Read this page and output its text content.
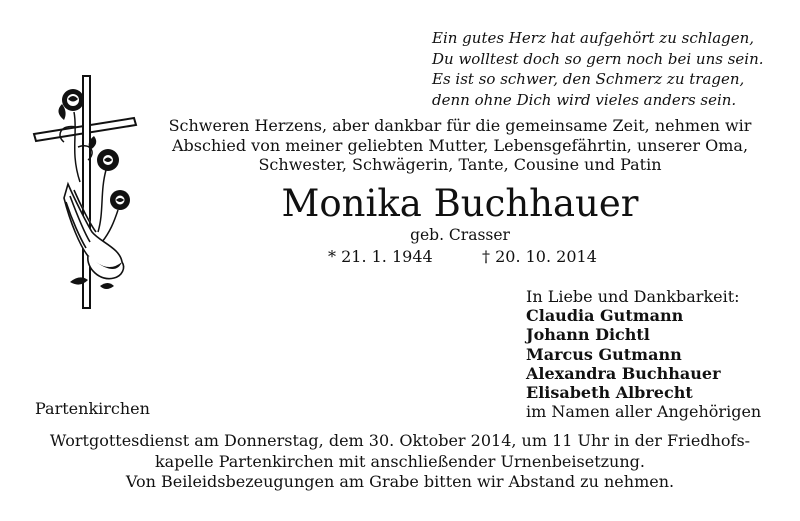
Ein gutes Herz hat aufgehört zu schlagen,
Du wolltest doch so gern noch bei uns sein.
Es ist so schwer, den Schmerz zu tragen,
denn ohne Dich wird vieles anders sein.
Schweren Herzens, aber dankbar für die gemeinsame Zeit, nehmen wir
Abschied von meiner geliebten Mutter, Lebensgefährtin, unserer Oma,
Schwester, Schwägerin, Tante, Cousine und Patin
Monika Buchhauer
geb. Crasser
* 21. 1. 1944	† 20. 10. 2014
In Liebe und Dankbarkeit:
Claudia Gutmann
Johann Dichtl
Marcus Gutmann
Alexandra Buchhauer
Elisabeth Albrecht
im Namen aller Angehörigen
Partenkirchen
Wortgottesdienst am Donnerstag, dem 30. Oktober 2014, um 11 Uhr in der Friedhofs-
kapelle Partenkirchen mit anschließender Urnenbeisetzung.
Von Beileidsbezeugungen am Grabe bitten wir Abstand zu nehmen.
